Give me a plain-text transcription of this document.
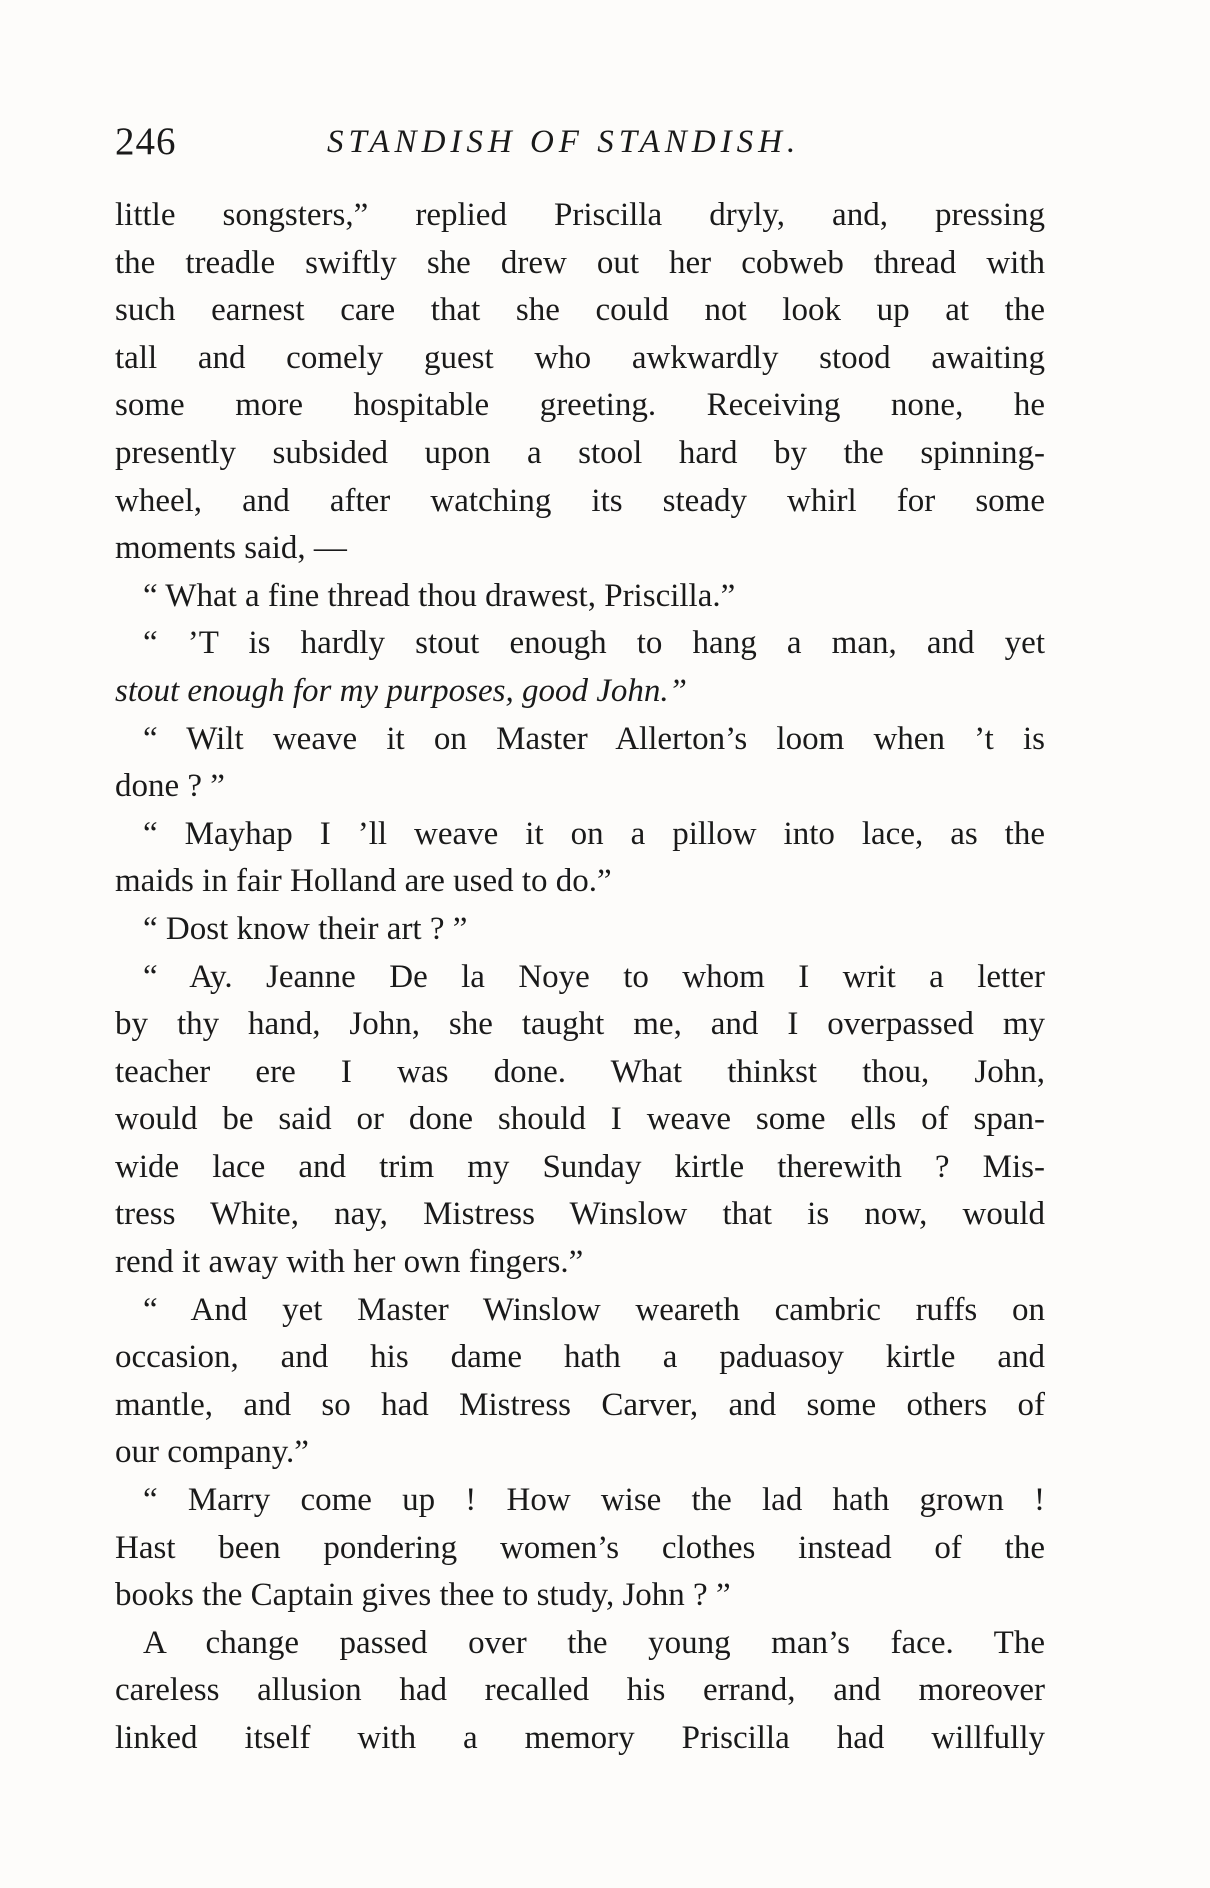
246	STANDISH OF STANDISH.
little songsters,” replied Priscilla dryly, and, pressing
the treadle swiftly she drew out her cobweb thread with
such earnest care that she could not look up at the
tall and comely guest who awkwardly stood awaiting
some more hospitable greeting. Receiving none, he
presently subsided upon a stool hard by the spinning-
wheel, and after watching its steady whirl for some
moments said, —
“ What a fine thread thou drawest, Priscilla.”
“ ’T is hardly stout enough to hang a man, and yet
stout enough for my purposes, good John.”
“ Wilt weave it on Master Allerton’s loom when ’t is
done ? ”
“ Mayhap I ’ll weave it on a pillow into lace, as the
maids in fair Holland are used to do.”
“ Dost know their art ? ”
“ Ay. Jeanne De la Noye to whom I writ a letter
by thy hand, John, she taught me, and I overpassed my
teacher ere I was done. What thinkst thou, John,
would be said or done should I weave some ells of span-
wide lace and trim my Sunday kirtle therewith ? Mis-
tress White, nay, Mistress Winslow that is now, would
rend it away with her own fingers.”
“ And yet Master Winslow weareth cambric ruffs on
occasion, and his dame hath a paduasoy kirtle and
mantle, and so had Mistress Carver, and some others of
our company.”
“ Marry come up ! How wise the lad hath grown !
Hast been pondering women’s clothes instead of the
books the Captain gives thee to study, John ? ”
A change passed over the young man’s face. The
careless allusion had recalled his errand, and moreover
linked itself with a memory Priscilla had willfully
